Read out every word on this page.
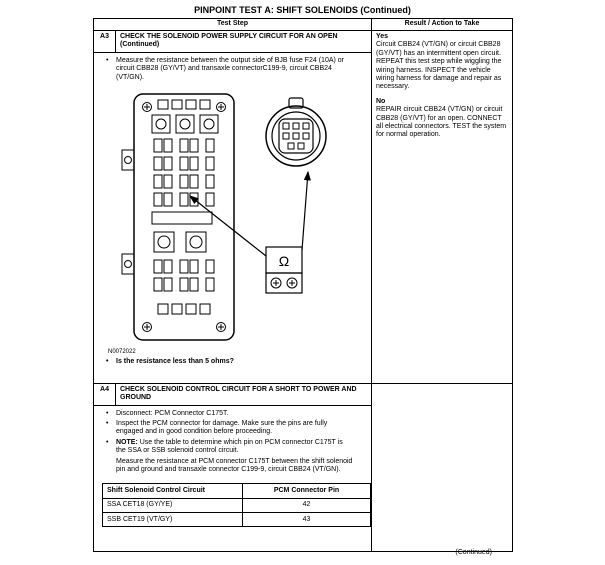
PINPOINT TEST A: SHIFT SOLENOIDS (Continued)
Test Step	Result / Action to Take
A3	CHECK THE SOLENOID POWER SUPPLY CIRCUIT FOR AN OPEN (Continued)	
Yes
Circuit CBB24 (VT/GN) or circuit CBB28 (GY/VT) has an intermittent open circuit. REPEAT this test step while wiggling the wiring harness. INSPECT the vehicle wiring harness for damage and repair as necessary.
No
REPAIR circuit CBB24 (VT/GN) or circuit CBB28 (GY/VT) for an open. CONNECT all electrical connectors. TEST the system for normal operation.

•	Measure the resistance between the output side of BJB fuse F24 (10A) or circuit CBB28 (GY/VT) and transaxle connectorC199-9, circuit CBB24 (VT/GN).
Ω
N0072022
•	Is the resistance less than 5 ohms?

A4	CHECK SOLENOID CONTROL CIRCUIT FOR A SHORT TO POWER AND GROUND	

•	Disconnect: PCM Connector C175T.
•	Inspect the PCM connector for damage. Make sure the pins are fully engaged and in good condition before proceeding.
•	NOTE: Use the table to determine which pin on PCM connector C175T is the SSA or SSB solenoid control circuit.
Measure the resistance at PCM connector C175T between the shift solenoid pin and ground and transaxle connector C199-9, circuit CBB24 (VT/GN).
Shift Solenoid Control Circuit	PCM Connector Pin
SSA CET18 (GY/YE)	42
SSB CET19 (VT/GY)	43
(Continued)
